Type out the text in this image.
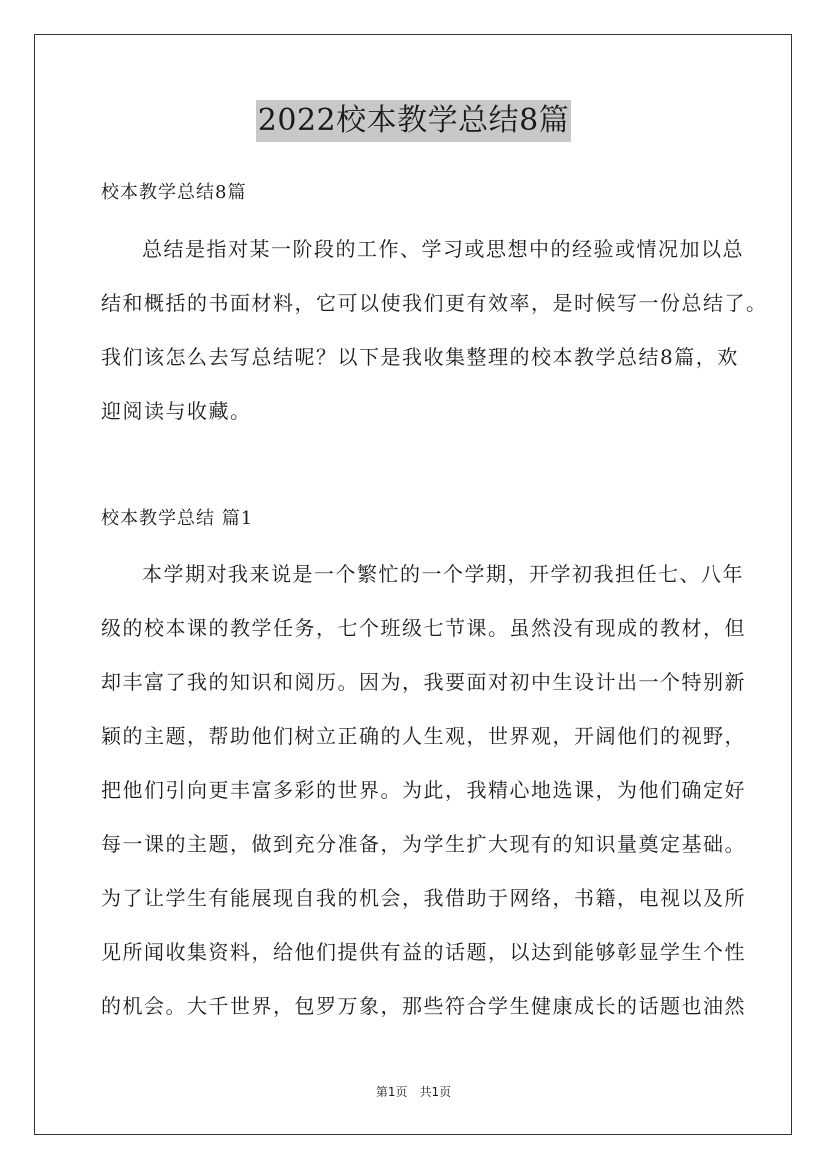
2022校本教学总结8篇
校本教学总结8篇
总结是指对某一阶段的工作、学习或思想中的经验或情况加以总
结和概括的书面材料，它可以使我们更有效率，是时候写一份总结了。
我们该怎么去写总结呢？以下是我收集整理的校本教学总结8篇，欢
迎阅读与收藏。
校本教学总结 篇1
本学期对我来说是一个繁忙的一个学期，开学初我担任七、八年
级的校本课的教学任务，七个班级七节课。虽然没有现成的教材，但
却丰富了我的知识和阅历。因为，我要面对初中生设计出一个特别新
颖的主题，帮助他们树立正确的人生观，世界观，开阔他们的视野，
把他们引向更丰富多彩的世界。为此，我精心地选课，为他们确定好
每一课的主题，做到充分准备，为学生扩大现有的知识量奠定基础。
为了让学生有能展现自我的机会，我借助于网络，书籍，电视以及所
见所闻收集资料，给他们提供有益的话题，以达到能够彰显学生个性
的机会。大千世界，包罗万象，那些符合学生健康成长的话题也油然
第1页　共1页
